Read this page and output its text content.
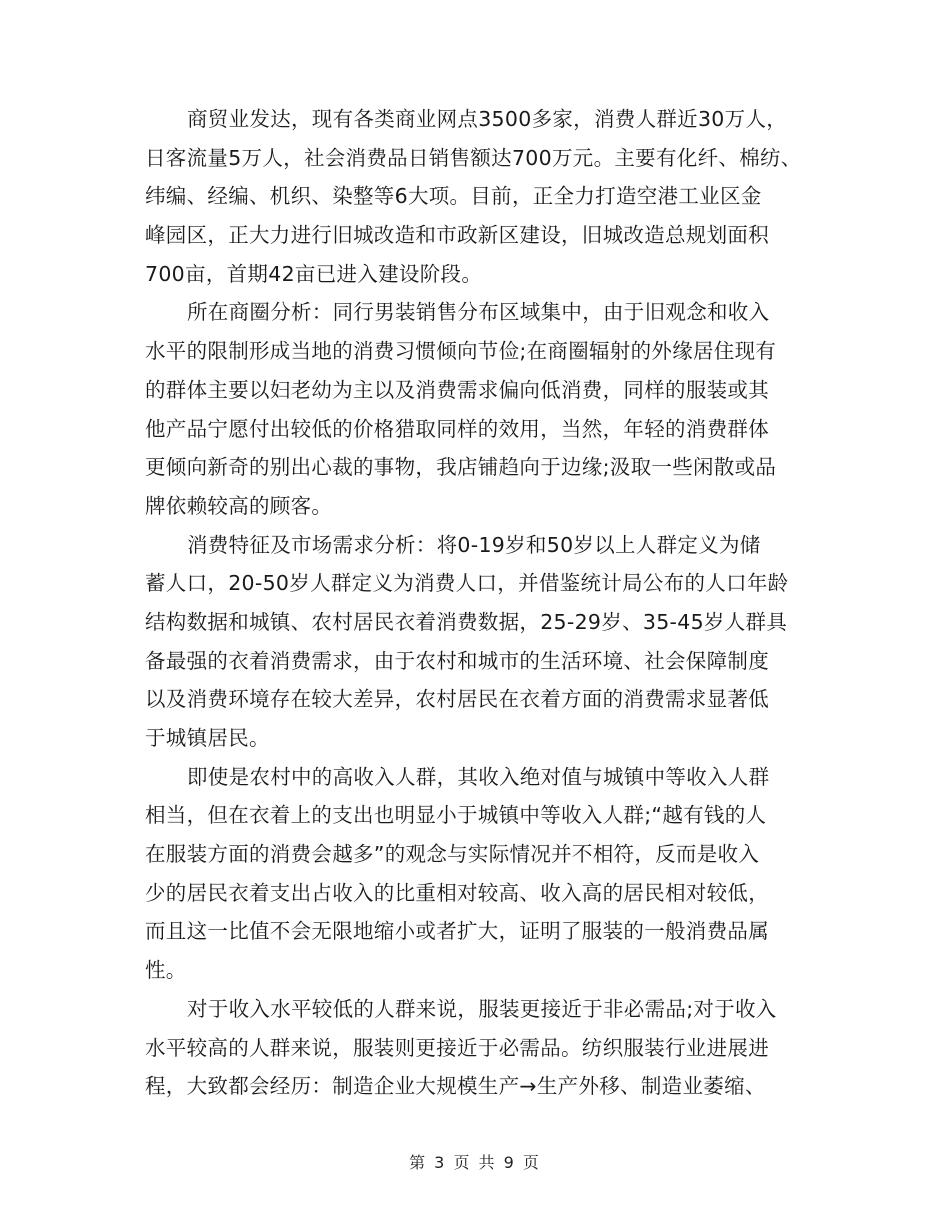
商贸业发达，现有各类商业网点3500多家，消费人群近30万人，
日客流量5万人，社会消费品日销售额达700万元。主要有化纤、棉纺、
纬编、经编、机织、染整等6大项。目前，正全力打造空港工业区金
峰园区，正大力进行旧城改造和市政新区建设，旧城改造总规划面积
700亩，首期42亩已进入建设阶段。
所在商圈分析：同行男装销售分布区域集中，由于旧观念和收入
水平的限制形成当地的消费习惯倾向节俭;在商圈辐射的外缘居住现有
的群体主要以妇老幼为主以及消费需求偏向低消费，同样的服装或其
他产品宁愿付出较低的价格猎取同样的效用，当然，年轻的消费群体
更倾向新奇的别出心裁的事物，我店铺趋向于边缘;汲取一些闲散或品
牌依赖较高的顾客。
消费特征及市场需求分析：将0-19岁和50岁以上人群定义为储
蓄人口，20-50岁人群定义为消费人口，并借鉴统计局公布的人口年龄
结构数据和城镇、农村居民衣着消费数据，25-29岁、35-45岁人群具
备最强的衣着消费需求，由于农村和城市的生活环境、社会保障制度
以及消费环境存在较大差异，农村居民在衣着方面的消费需求显著低
于城镇居民。
即使是农村中的高收入人群，其收入绝对值与城镇中等收入人群
相当，但在衣着上的支出也明显小于城镇中等收入人群;“越有钱的人
在服装方面的消费会越多”的观念与实际情况并不相符，反而是收入
少的居民衣着支出占收入的比重相对较高、收入高的居民相对较低，
而且这一比值不会无限地缩小或者扩大，证明了服装的一般消费品属
性。
对于收入水平较低的人群来说，服装更接近于非必需品;对于收入
水平较高的人群来说，服装则更接近于必需品。纺织服装行业进展进
程，大致都会经历：制造企业大规模生产→生产外移、制造业萎缩、
第 3 页 共 9 页
